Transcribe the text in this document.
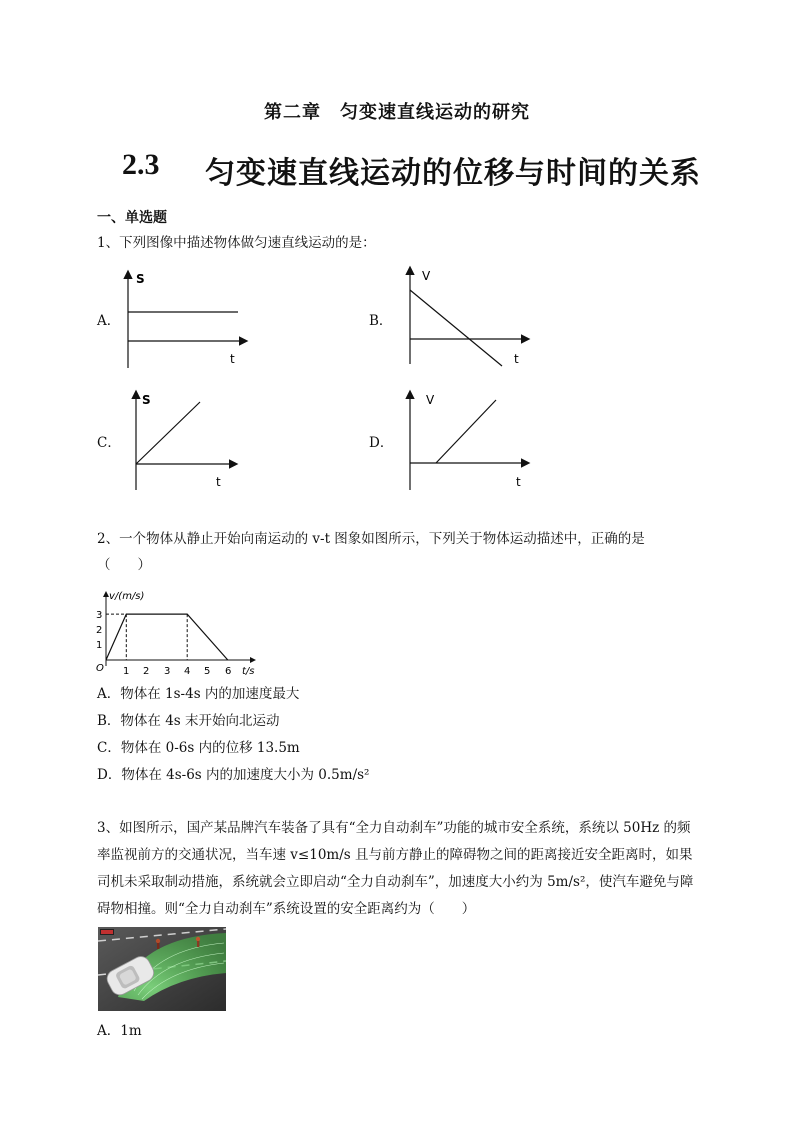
第二章　匀变速直线运动的研究
2.3 匀变速直线运动的位移与时间的关系
一、单选题
1、下列图像中描述物体做匀速直线运动的是：
A．
S
t
B．
V
t
C．
S
t
D．
V
t
2、一个物体从静止开始向南运动的 v-t 图象如图所示，下列关于物体运动描述中，正确的是
（　　）
v/(m/s)
t/s
O
1
2
3
1 2 3 4 5 6
A．物体在 1s-4s 内的加速度最大
B．物体在 4s 末开始向北运动
C．物体在 0-6s 内的位移 13.5m
D．物体在 4s-6s 内的加速度大小为 0.5m/s²
3、如图所示，国产某品牌汽车装备了具有“全力自动刹车”功能的城市安全系统，系统以 50Hz 的频
率监视前方的交通状况，当车速 v≤10m/s 且与前方静止的障碍物之间的距离接近安全距离时，如果
司机未采取制动措施，系统就会立即启动“全力自动刹车”，加速度大小约为 5m/s²，使汽车避免与障
碍物相撞。则“全力自动刹车”系统设置的安全距离约为（　　）
A．1m
